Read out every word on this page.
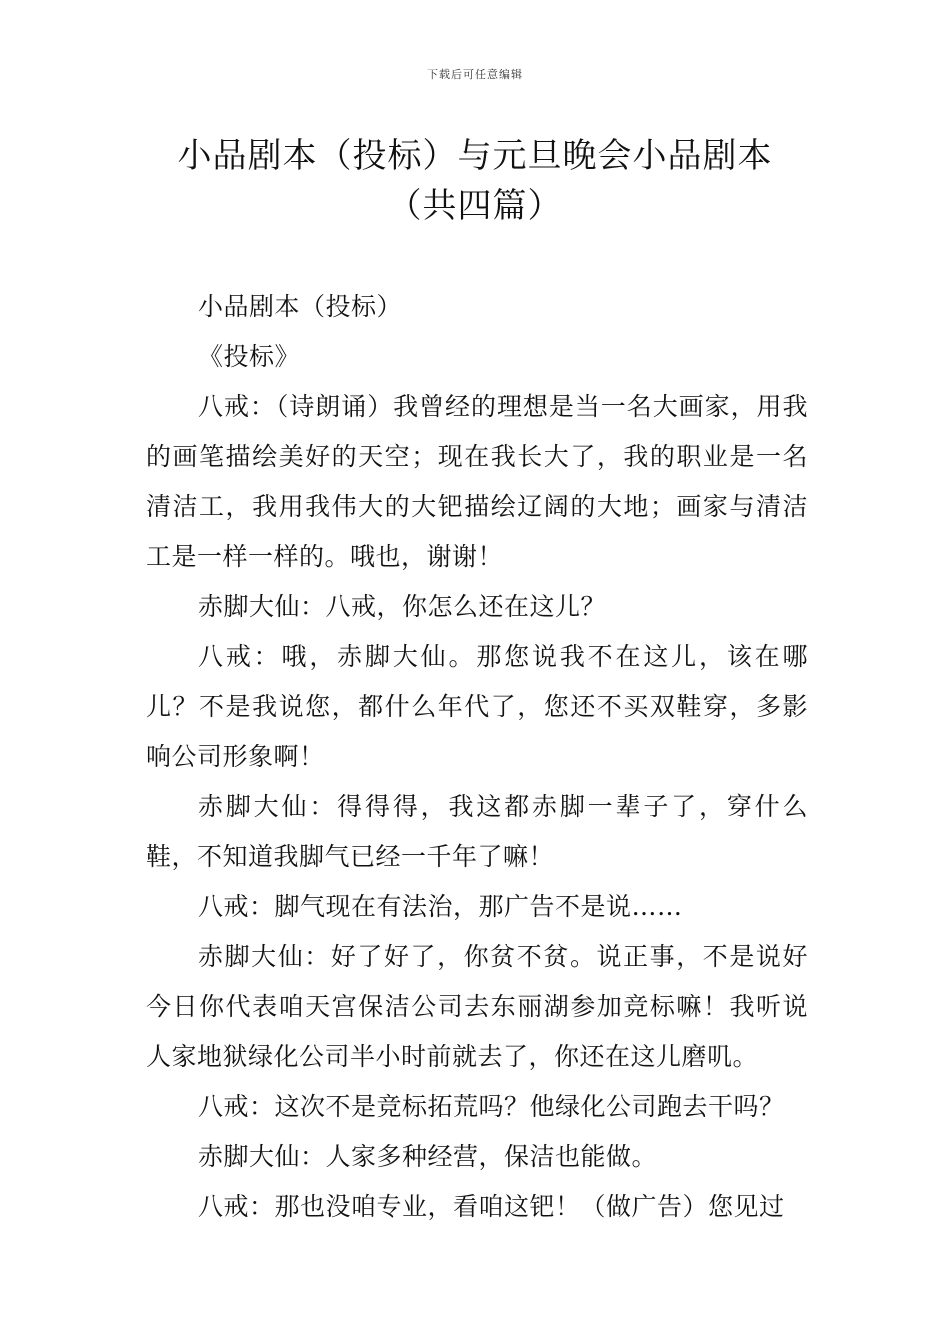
下载后可任意编辑
小品剧本（投标）与元旦晚会小品剧本
（共四篇）

小品剧本（投标）

《投标》

八戒：（诗朗诵）我曾经的理想是当一名大画家，用我的画笔描绘美好的天空；现在我长大了，我的职业是一名清洁工，我用我伟大的大钯描绘辽阔的大地；画家与清洁工是一样一样的。哦也，谢谢！

赤脚大仙：八戒，你怎么还在这儿？

八戒：哦，赤脚大仙。那您说我不在这儿，该在哪儿？不是我说您，都什么年代了，您还不买双鞋穿，多影响公司形象啊！

赤脚大仙：得得得，我这都赤脚一辈子了，穿什么鞋，不知道我脚气已经一千年了嘛！

八戒：脚气现在有法治，那广告不是说……

赤脚大仙：好了好了，你贫不贫。说正事，不是说好今日你代表咱天宫保洁公司去东丽湖参加竞标嘛！我听说人家地狱绿化公司半小时前就去了，你还在这儿磨叽。

八戒：这次不是竞标拓荒吗？他绿化公司跑去干吗？

赤脚大仙：人家多种经营，保洁也能做。

八戒：那也没咱专业，看咱这钯！（做广告）您见过
